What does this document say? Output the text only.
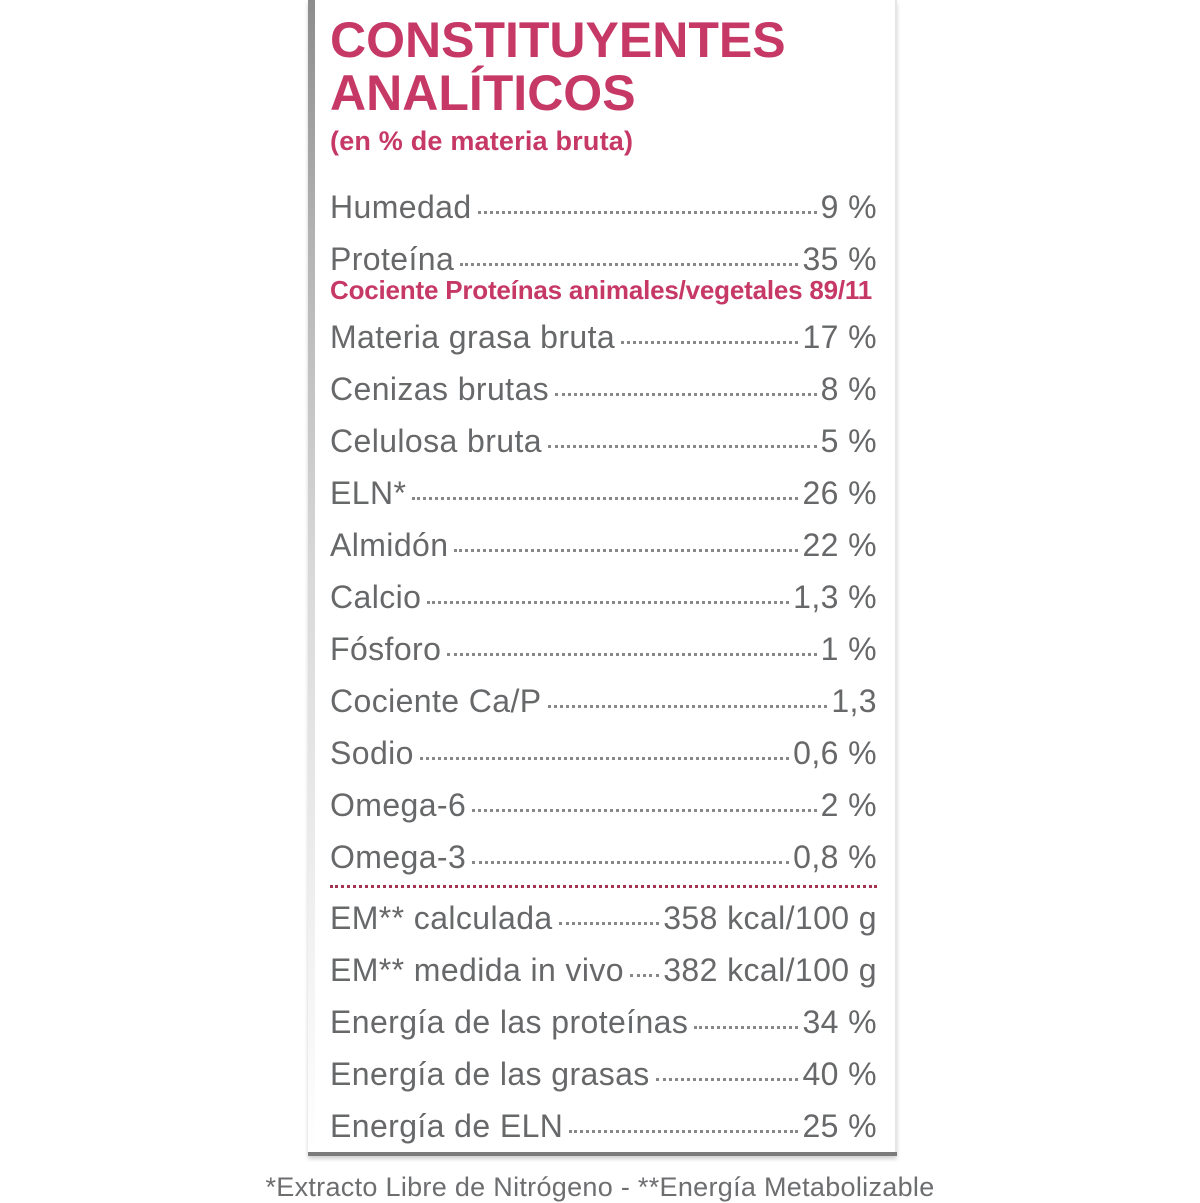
CONSTITUYENTES
ANALÍTICOS
(en % de materia bruta)
Humedad	9 %
Proteína	35 %
Cociente Proteínas animales/vegetales 89/11
Materia grasa bruta	17 %
Cenizas brutas	8 %
Celulosa bruta	5 %
ELN*	26 %
Almidón	22 %
Calcio	1,3 %
Fósforo	1 %
Cociente Ca/P	1,3
Sodio	0,6 %
Omega-6	2 %
Omega-3	0,8 %
EM** calculada	358 kcal/100 g
EM** medida in vivo 382 kcal/100 g
Energía de las proteínas	34 %
Energía de las grasas	40 %
Energía de ELN	25 %
*Extracto Libre de Nitrógeno - **Energía Metabolizable
